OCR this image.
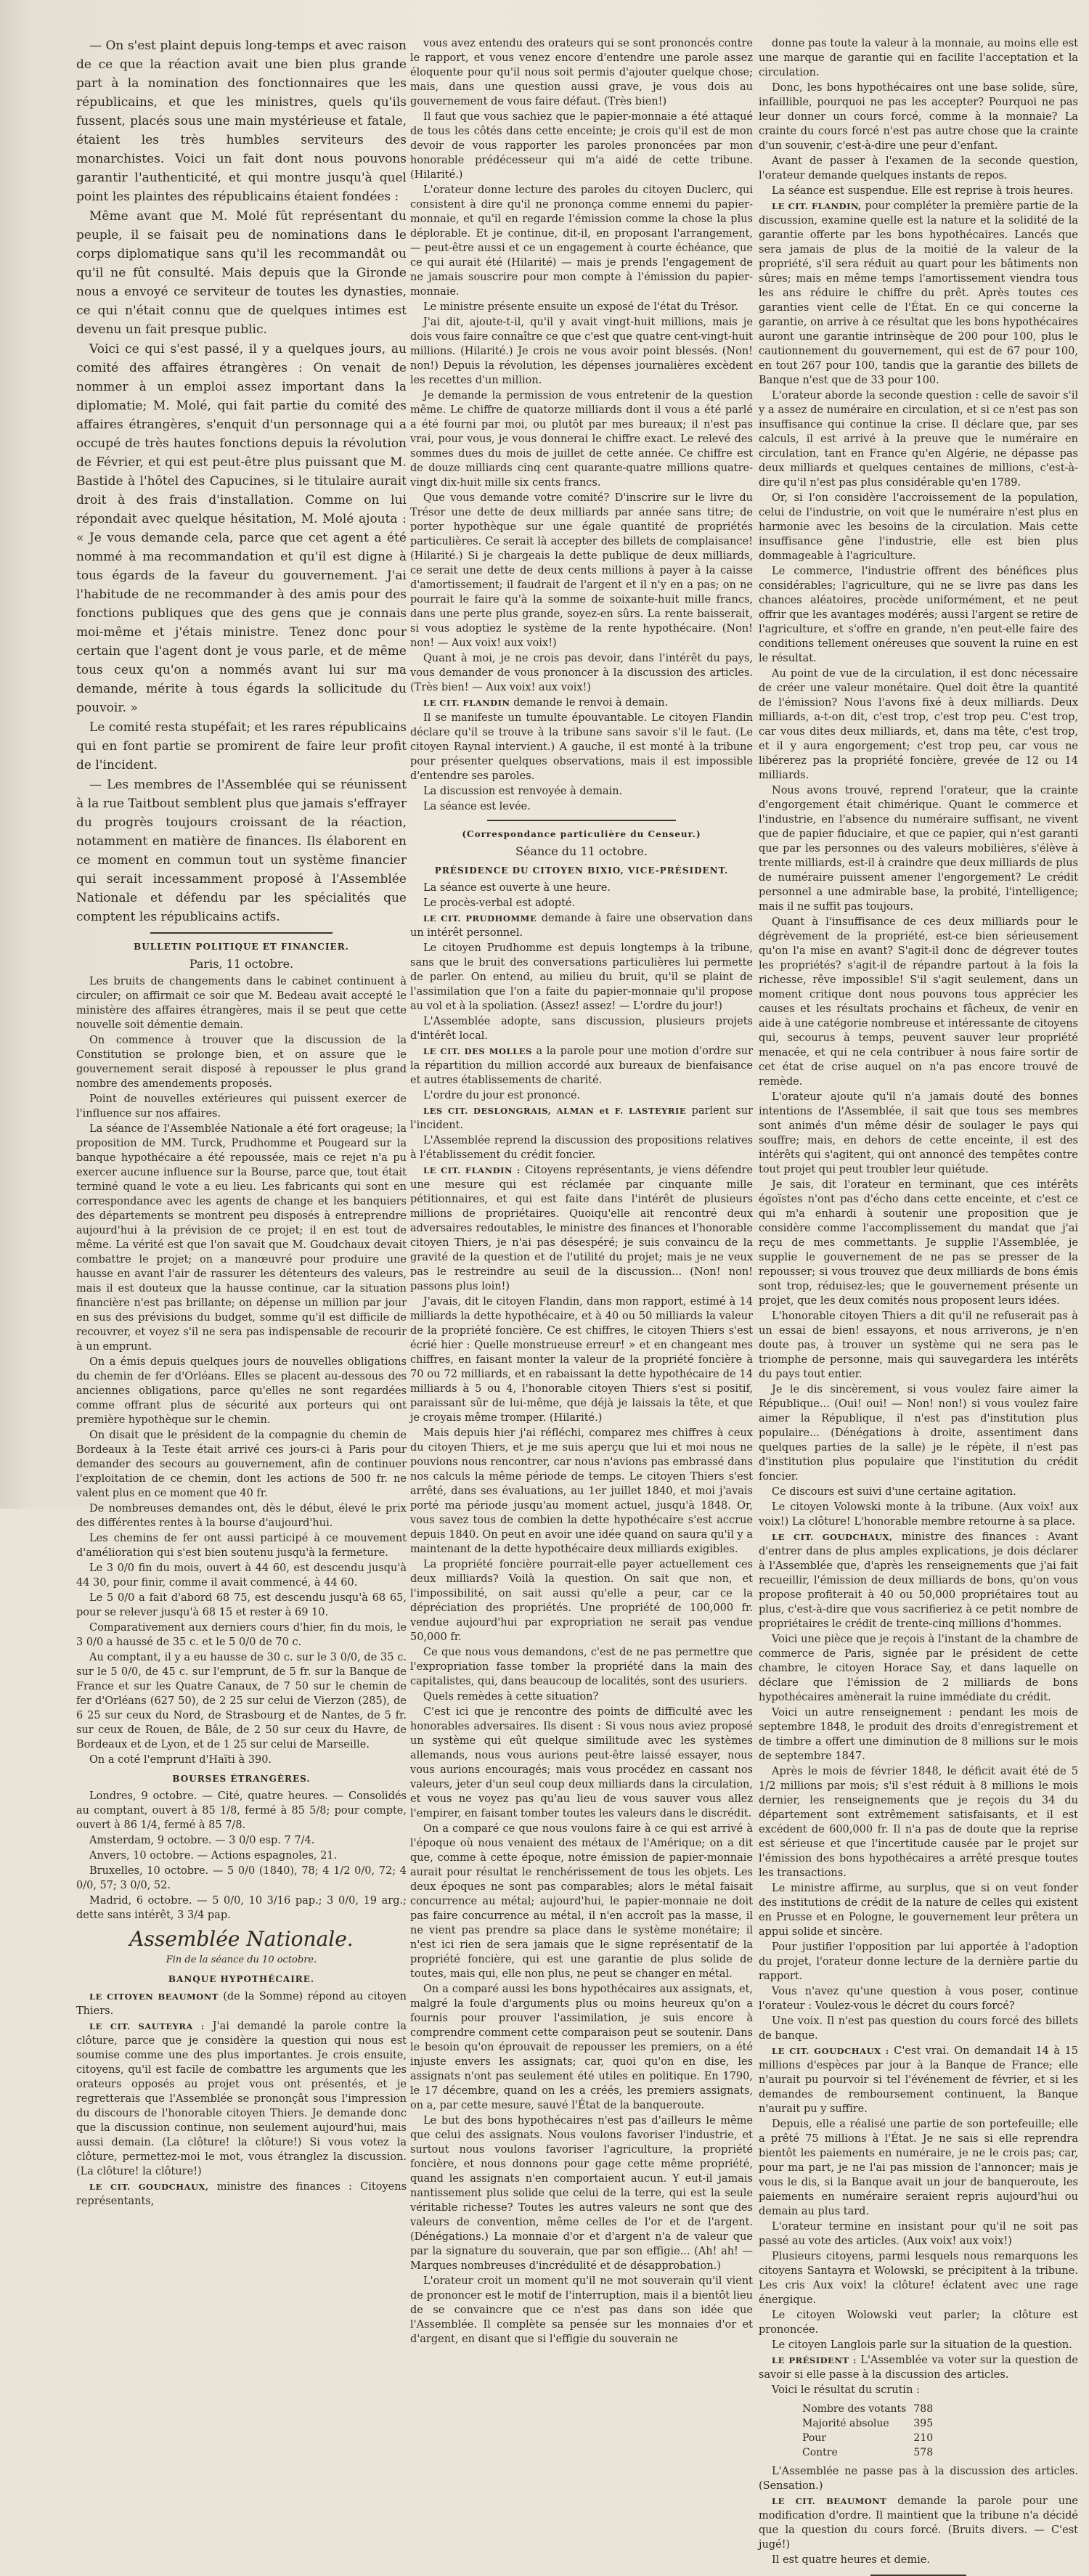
— On s'est plaint depuis long-temps et avec raison de ce que la réaction avait une bien plus grande part à la nomination des fonctionnaires que les républicains, et que les ministres, quels qu'ils fussent, placés sous une main mystérieuse et fatale, étaient les très humbles serviteurs des monarchistes. Voici un fait dont nous pouvons garantir l'authenticité, et qui montre jusqu'à quel point les plaintes des républicains étaient fondées :

Même avant que M. Molé fût représentant du peuple, il se faisait peu de nominations dans le corps diplomatique sans qu'il les recommandât ou qu'il ne fût consulté. Mais depuis que la Gironde nous a envoyé ce serviteur de toutes les dynasties, ce qui n'était connu que de quelques intimes est devenu un fait presque public.

Voici ce qui s'est passé, il y a quelques jours, au comité des affaires étrangères : On venait de nommer à un emploi assez important dans la diplomatie; M. Molé, qui fait partie du comité des affaires étrangères, s'enquit d'un personnage qui a occupé de très hautes fonctions depuis la révolution de Février, et qui est peut-être plus puissant que M. Bastide à l'hôtel des Capucines, si le titulaire aurait droit à des frais d'installation. Comme on lui répondait avec quelque hésitation, M. Molé ajouta : « Je vous demande cela, parce que cet agent a été nommé à ma recommandation et qu'il est digne à tous égards de la faveur du gouvernement. J'ai l'habitude de ne recommander à des amis pour des fonctions publiques que des gens que je connais moi-même et j'étais ministre. Tenez donc pour certain que l'agent dont je vous parle, et de même tous ceux qu'on a nommés avant lui sur ma demande, mérite à tous égards la sollicitude du pouvoir. »

Le comité resta stupéfait; et les rares républicains qui en font partie se promirent de faire leur profit de l'incident.

— Les membres de l'Assemblée qui se réunissent à la rue Taitbout semblent plus que jamais s'effrayer du progrès toujours croissant de la réaction, notamment en matière de finances. Ils élaborent en ce moment en commun tout un système financier qui serait incessamment proposé à l'Assemblée Nationale et défendu par les spécialités que comptent les républicains actifs.

BULLETIN POLITIQUE ET FINANCIER.
Paris, 11 octobre.

Les bruits de changements dans le cabinet continuent à circuler; on affirmait ce soir que M. Bedeau avait accepté le ministère des affaires étrangères, mais il se peut que cette nouvelle soit démentie demain.

On commence à trouver que la discussion de la Constitution se prolonge bien, et on assure que le gouvernement serait disposé à repousser le plus grand nombre des amendements proposés.

Point de nouvelles extérieures qui puissent exercer de l'influence sur nos affaires.

La séance de l'Assemblée Nationale a été fort orageuse; la proposition de MM. Turck, Prudhomme et Pougeard sur la banque hypothécaire a été repoussée, mais ce rejet n'a pu exercer aucune influence sur la Bourse, parce que, tout était terminé quand le vote a eu lieu. Les fabricants qui sont en correspondance avec les agents de change et les banquiers des départements se montrent peu disposés à entreprendre aujourd'hui à la prévision de ce projet; il en est tout de même. La vérité est que l'on savait que M. Goudchaux devait combattre le projet; on a manœuvré pour produire une hausse en avant l'air de rassurer les détenteurs des valeurs, mais il est douteux que la hausse continue, car la situation financière n'est pas brillante; on dépense un million par jour en sus des prévisions du budget, somme qu'il est difficile de recouvrer, et voyez s'il ne sera pas indispensable de recourir à un emprunt.

On a émis depuis quelques jours de nouvelles obligations du chemin de fer d'Orléans. Elles se placent au-dessous des anciennes obligations, parce qu'elles ne sont regardées comme offrant plus de sécurité aux porteurs qui ont première hypothèque sur le chemin.

On disait que le président de la compagnie du chemin de Bordeaux à la Teste était arrivé ces jours-ci à Paris pour demander des secours au gouvernement, afin de continuer l'exploitation de ce chemin, dont les actions de 500 fr. ne valent plus en ce moment que 40 fr.

De nombreuses demandes ont, dès le début, élevé le prix des différentes rentes à la bourse d'aujourd'hui.

Les chemins de fer ont aussi participé à ce mouvement d'amélioration qui s'est bien soutenu jusqu'à la fermeture.

Le 3 0/0 fin du mois, ouvert à 44 60, est descendu jusqu'à 44 30, pour finir, comme il avait commencé, à 44 60.

Le 5 0/0 a fait d'abord 68 75, est descendu jusqu'à 68 65, pour se relever jusqu'à 68 15 et rester à 69 10.

Comparativement aux derniers cours d'hier, fin du mois, le 3 0/0 a haussé de 35 c. et le 5 0/0 de 70 c.

Au comptant, il y a eu hausse de 30 c. sur le 3 0/0, de 35 c. sur le 5 0/0, de 45 c. sur l'emprunt, de 5 fr. sur la Banque de France et sur les Quatre Canaux, de 7 50 sur le chemin de fer d'Orléans (627 50), de 2 25 sur celui de Vierzon (285), de 6 25 sur ceux du Nord, de Strasbourg et de Nantes, de 5 fr. sur ceux de Rouen, de Bâle, de 2 50 sur ceux du Havre, de Bordeaux et de Lyon, et de 1 25 sur celui de Marseille.

On a coté l'emprunt d'Haïti à 390.

BOURSES ÉTRANGÈRES.

Londres, 9 octobre. — Cité, quatre heures. — Consolidés au comptant, ouvert à 85 1/8, fermé à 85 5/8; pour compte, ouvert à 86 1/4, fermé à 85 7/8.

Amsterdam, 9 octobre. — 3 0/0 esp. 7 7/4.

Anvers, 10 octobre. — Actions espagnoles, 21.

Bruxelles, 10 octobre. — 5 0/0 (1840), 78; 4 1/2 0/0, 72; 4 0/0, 57; 3 0/0, 52.

Madrid, 6 octobre. — 5 0/0, 10 3/16 pap.; 3 0/0, 19 arg.; dette sans intérêt, 3 3/4 pap.

Assemblée Nationale.
Fin de la séance du 10 octobre.
BANQUE HYPOTHÉCAIRE.

LE CITOYEN BEAUMONT (de la Somme) répond au citoyen Thiers.

LE CIT. SAUTEYRA : J'ai demandé la parole contre la clôture, parce que je considère la question qui nous est soumise comme une des plus importantes. Je crois ensuite, citoyens, qu'il est facile de combattre les arguments que les orateurs opposés au projet vous ont présentés, et je regretterais que l'Assemblée se prononçât sous l'impression du discours de l'honorable citoyen Thiers. Je demande donc que la discussion continue, non seulement aujourd'hui, mais aussi demain. (La clôture! la clôture!) Si vous votez la clôture, permettez-moi le mot, vous étranglez la discussion. (La clôture! la clôture!)

LE CIT. GOUDCHAUX, ministre des finances : Citoyens représentants,

vous avez entendu des orateurs qui se sont prononcés contre le rapport, et vous venez encore d'entendre une parole assez éloquente pour qu'il nous soit permis d'ajouter quelque chose; mais, dans une question aussi grave, je vous dois au gouvernement de vous faire défaut. (Très bien!)

Il faut que vous sachiez que le papier-monnaie a été attaqué de tous les côtés dans cette enceinte; je crois qu'il est de mon devoir de vous rapporter les paroles prononcées par mon honorable prédécesseur qui m'a aidé de cette tribune. (Hilarité.)

L'orateur donne lecture des paroles du citoyen Duclerc, qui consistent à dire qu'il ne prononça comme ennemi du papier-monnaie, et qu'il en regarde l'émission comme la chose la plus déplorable. Et je continue, dit-il, en proposant l'arrangement, — peut-être aussi et ce un engagement à courte échéance, que ce qui aurait été (Hilarité) — mais je prends l'engagement de ne jamais souscrire pour mon compte à l'émission du papier-monnaie.

Le ministre présente ensuite un exposé de l'état du Trésor.

J'ai dit, ajoute-t-il, qu'il y avait vingt-huit millions, mais je dois vous faire connaître ce que c'est que quatre cent-vingt-huit millions. (Hilarité.) Je crois ne vous avoir point blessés. (Non! non!) Depuis la révolution, les dépenses journalières excèdent les recettes d'un million.

Je demande la permission de vous entretenir de la question même. Le chiffre de quatorze milliards dont il vous a été parlé a été fourni par moi, ou plutôt par mes bureaux; il n'est pas vrai, pour vous, je vous donnerai le chiffre exact. Le relevé des sommes dues du mois de juillet de cette année. Ce chiffre est de douze milliards cinq cent quarante-quatre millions quatre-vingt dix-huit mille six cents francs.

Que vous demande votre comité? D'inscrire sur le livre du Trésor une dette de deux milliards par année sans titre; de porter hypothèque sur une égale quantité de propriétés particulières. Ce serait là accepter des billets de complaisance! (Hilarité.) Si je chargeais la dette publique de deux milliards, ce serait une dette de deux cents millions à payer à la caisse d'amortissement; il faudrait de l'argent et il n'y en a pas; on ne pourrait le faire qu'à la somme de soixante-huit mille francs, dans une perte plus grande, soyez-en sûrs. La rente baisserait, si vous adoptiez le système de la rente hypothécaire. (Non! non! — Aux voix! aux voix!)

Quant à moi, je ne crois pas devoir, dans l'intérêt du pays, vous demander de vous prononcer à la discussion des articles. (Très bien! — Aux voix! aux voix!)

LE CIT. FLANDIN demande le renvoi à demain.

Il se manifeste un tumulte épouvantable. Le citoyen Flandin déclare qu'il se trouve à la tribune sans savoir s'il le faut. (Le citoyen Raynal intervient.) A gauche, il est monté à la tribune pour présenter quelques observations, mais il est impossible d'entendre ses paroles.

La discussion est renvoyée à demain.

La séance est levée.

(Correspondance particulière du Censeur.)
Séance du 11 octobre.
PRÉSIDENCE DU CITOYEN BIXIO, VICE-PRÉSIDENT.

La séance est ouverte à une heure.

Le procès-verbal est adopté.

LE CIT. PRUDHOMME demande à faire une observation dans un intérêt personnel.

Le citoyen Prudhomme est depuis longtemps à la tribune, sans que le bruit des conversations particulières lui permette de parler. On entend, au milieu du bruit, qu'il se plaint de l'assimilation que l'on a faite du papier-monnaie qu'il propose au vol et à la spoliation. (Assez! assez! — L'ordre du jour!)

L'Assemblée adopte, sans discussion, plusieurs projets d'intérêt local.

LE CIT. DES MOLLES a la parole pour une motion d'ordre sur la répartition du million accordé aux bureaux de bienfaisance et autres établissements de charité.

L'ordre du jour est prononcé.

LES CIT. DESLONGRAIS, ALMAN et F. LASTEYRIE parlent sur l'incident.

L'Assemblée reprend la discussion des propositions relatives à l'établissement du crédit foncier.

LE CIT. FLANDIN : Citoyens représentants, je viens défendre une mesure qui est réclamée par cinquante mille pétitionnaires, et qui est faite dans l'intérêt de plusieurs millions de propriétaires. Quoiqu'elle ait rencontré deux adversaires redoutables, le ministre des finances et l'honorable citoyen Thiers, je n'ai pas désespéré; je suis convaincu de la gravité de la question et de l'utilité du projet; mais je ne veux pas le restreindre au seuil de la discussion... (Non! non! passons plus loin!)

J'avais, dit le citoyen Flandin, dans mon rapport, estimé à 14 milliards la dette hypothécaire, et à 40 ou 50 milliards la valeur de la propriété foncière. Ce est chiffres, le citoyen Thiers s'est écrié hier : Quelle monstrueuse erreur! » et en changeant mes chiffres, en faisant monter la valeur de la propriété foncière à 70 ou 72 milliards, et en rabaissant la dette hypothécaire de 14 milliards à 5 ou 4, l'honorable citoyen Thiers s'est si positif, paraissant sûr de lui-même, que déjà je laissais la tête, et que je croyais même tromper. (Hilarité.)

Mais depuis hier j'ai réfléchi, comparez mes chiffres à ceux du citoyen Thiers, et je me suis aperçu que lui et moi nous ne pouvions nous rencontrer, car nous n'avions pas embrassé dans nos calculs la même période de temps. Le citoyen Thiers s'est arrêté, dans ses évaluations, au 1er juillet 1840, et moi j'avais porté ma période jusqu'au moment actuel, jusqu'à 1848. Or, vous savez tous de combien la dette hypothécaire s'est accrue depuis 1840. On peut en avoir une idée quand on saura qu'il y a maintenant de la dette hypothécaire deux milliards exigibles.

La propriété foncière pourrait-elle payer actuellement ces deux milliards? Voilà la question. On sait que non, et l'impossibilité, on sait aussi qu'elle a peur, car ce la dépréciation des propriétés. Une propriété de 100,000 fr. vendue aujourd'hui par expropriation ne serait pas vendue 50,000 fr.

Ce que nous vous demandons, c'est de ne pas permettre que l'expropriation fasse tomber la propriété dans la main des capitalistes, qui, dans beaucoup de localités, sont des usuriers.

Quels remèdes à cette situation?

C'est ici que je rencontre des points de difficulté avec les honorables adversaires. Ils disent : Si vous nous aviez proposé un système qui eût quelque similitude avec les systèmes allemands, nous vous aurions peut-être laissé essayer, nous vous aurions encouragés; mais vous procédez en cassant nos valeurs, jeter d'un seul coup deux milliards dans la circulation, et vous ne voyez pas qu'au lieu de vous sauver vous allez l'empirer, en faisant tomber toutes les valeurs dans le discrédit.

On a comparé ce que nous voulons faire à ce qui est arrivé à l'époque où nous venaient des métaux de l'Amérique; on a dit que, comme à cette époque, notre émission de papier-monnaie aurait pour résultat le renchérissement de tous les objets. Les deux époques ne sont pas comparables; alors le métal faisait concurrence au métal; aujourd'hui, le papier-monnaie ne doit pas faire concurrence au métal, il n'en accroît pas la masse, il ne vient pas prendre sa place dans le système monétaire; il n'est ici rien de sera jamais que le signe représentatif de la propriété foncière, qui est une garantie de plus solide de toutes, mais qui, elle non plus, ne peut se changer en métal.

On a comparé aussi les bons hypothécaires aux assignats, et, malgré la foule d'arguments plus ou moins heureux qu'on a fournis pour prouver l'assimilation, je suis encore à comprendre comment cette comparaison peut se soutenir. Dans le besoin qu'on éprouvait de repousser les premiers, on a été injuste envers les assignats; car, quoi qu'on en dise, les assignats n'ont pas seulement été utiles en politique. En 1790, le 17 décembre, quand on les a créés, les premiers assignats, on a, par cette mesure, sauvé l'État de la banqueroute.

Le but des bons hypothécaires n'est pas d'ailleurs le même que celui des assignats. Nous voulons favoriser l'industrie, et surtout nous voulons favoriser l'agriculture, la propriété foncière, et nous donnons pour gage cette même propriété, quand les assignats n'en comportaient aucun. Y eut-il jamais nantissement plus solide que celui de la terre, qui est la seule véritable richesse? Toutes les autres valeurs ne sont que des valeurs de convention, même celles de l'or et de l'argent. (Dénégations.) La monnaie d'or et d'argent n'a de valeur que par la signature du souverain, que par son effigie... (Ah! ah! — Marques nombreuses d'incrédulité et de désapprobation.)

L'orateur croit un moment qu'il ne mot souverain qu'il vient de prononcer est le motif de l'interruption, mais il a bientôt lieu de se convaincre que ce n'est pas dans son idée que l'Assemblée. Il complète sa pensée sur les monnaies d'or et d'argent, en disant que si l'effigie du souverain ne

donne pas toute la valeur à la monnaie, au moins elle est une marque de garantie qui en facilite l'acceptation et la circulation.

Donc, les bons hypothécaires ont une base solide, sûre, infaillible, pourquoi ne pas les accepter? Pourquoi ne pas leur donner un cours forcé, comme à la monnaie? La crainte du cours forcé n'est pas autre chose que la crainte d'un souvenir, c'est-à-dire une peur d'enfant.

Avant de passer à l'examen de la seconde question, l'orateur demande quelques instants de repos.

La séance est suspendue. Elle est reprise à trois heures.

LE CIT. FLANDIN, pour compléter la première partie de la discussion, examine quelle est la nature et la solidité de la garantie offerte par les bons hypothécaires. Lancés que sera jamais de plus de la moitié de la valeur de la propriété, s'il sera réduit au quart pour les bâtiments non sûres; mais en même temps l'amortissement viendra tous les ans réduire le chiffre du prêt. Après toutes ces garanties vient celle de l'État. En ce qui concerne la garantie, on arrive à ce résultat que les bons hypothécaires auront une garantie intrinsèque de 200 pour 100, plus le cautionnement du gouvernement, qui est de 67 pour 100, en tout 267 pour 100, tandis que la garantie des billets de Banque n'est que de 33 pour 100.

L'orateur aborde la seconde question : celle de savoir s'il y a assez de numéraire en circulation, et si ce n'est pas son insuffisance qui continue la crise. Il déclare que, par ses calculs, il est arrivé à la preuve que le numéraire en circulation, tant en France qu'en Algérie, ne dépasse pas deux milliards et quelques centaines de millions, c'est-à-dire qu'il n'est pas plus considérable qu'en 1789.

Or, si l'on considère l'accroissement de la population, celui de l'industrie, on voit que le numéraire n'est plus en harmonie avec les besoins de la circulation. Mais cette insuffisance gêne l'industrie, elle est bien plus dommageable à l'agriculture.

Le commerce, l'industrie offrent des bénéfices plus considérables; l'agriculture, qui ne se livre pas dans les chances aléatoires, procède uniformément, et ne peut offrir que les avantages modérés; aussi l'argent se retire de l'agriculture, et s'offre en grande, n'en peut-elle faire des conditions tellement onéreuses que souvent la ruine en est le résultat.

Au point de vue de la circulation, il est donc nécessaire de créer une valeur monétaire. Quel doit être la quantité de l'émission? Nous l'avons fixé à deux milliards. Deux milliards, a-t-on dit, c'est trop, c'est trop peu. C'est trop, car vous dites deux milliards, et, dans ma tête, c'est trop, et il y aura engorgement; c'est trop peu, car vous ne libérerez pas la propriété foncière, grevée de 12 ou 14 milliards.

Nous avons trouvé, reprend l'orateur, que la crainte d'engorgement était chimérique. Quant le commerce et l'industrie, en l'absence du numéraire suffisant, ne vivent que de papier fiduciaire, et que ce papier, qui n'est garanti que par les personnes ou des valeurs mobilières, s'élève à trente milliards, est-il à craindre que deux milliards de plus de numéraire puissent amener l'engorgement? Le crédit personnel a une admirable base, la probité, l'intelligence; mais il ne suffit pas toujours.

Quant à l'insuffisance de ces deux milliards pour le dégrèvement de la propriété, est-ce bien sérieusement qu'on l'a mise en avant? S'agit-il donc de dégrever toutes les propriétés? s'agit-il de répandre partout à la fois la richesse, rêve impossible! S'il s'agit seulement, dans un moment critique dont nous pouvons tous apprécier les causes et les résultats prochains et fâcheux, de venir en aide à une catégorie nombreuse et intéressante de citoyens qui, secourus à temps, peuvent sauver leur propriété menacée, et qui ne cela contribuer à nous faire sortir de cet état de crise auquel on n'a pas encore trouvé de remède.

L'orateur ajoute qu'il n'a jamais douté des bonnes intentions de l'Assemblée, il sait que tous ses membres sont animés d'un même désir de soulager le pays qui souffre; mais, en dehors de cette enceinte, il est des intérêts qui s'agitent, qui ont annoncé des tempêtes contre tout projet qui peut troubler leur quiétude.

Je sais, dit l'orateur en terminant, que ces intérêts égoïstes n'ont pas d'écho dans cette enceinte, et c'est ce qui m'a enhardi à soutenir une proposition que je considère comme l'accomplissement du mandat que j'ai reçu de mes commettants. Je supplie l'Assemblée, je supplie le gouvernement de ne pas se presser de la repousser; si vous trouvez que deux milliards de bons émis sont trop, réduisez-les; que le gouvernement présente un projet, que les deux comités nous proposent leurs idées.

L'honorable citoyen Thiers a dit qu'il ne refuserait pas à un essai de bien! essayons, et nous arriverons, je n'en doute pas, à trouver un système qui ne sera pas le triomphe de personne, mais qui sauvegardera les intérêts du pays tout entier.

Je le dis sincèrement, si vous voulez faire aimer la République... (Oui! oui! — Non! non!) si vous voulez faire aimer la République, il n'est pas d'institution plus populaire... (Dénégations à droite, assentiment dans quelques parties de la salle) je le répète, il n'est pas d'institution plus populaire que l'institution du crédit foncier.

Ce discours est suivi d'une certaine agitation.

Le citoyen Volowski monte à la tribune. (Aux voix! aux voix!) La clôture! L'honorable membre retourne à sa place.

LE CIT. GOUDCHAUX, ministre des finances : Avant d'entrer dans de plus amples explications, je dois déclarer à l'Assemblée que, d'après les renseignements que j'ai fait recueillir, l'émission de deux milliards de bons, qu'on vous propose profiterait à 40 ou 50,000 propriétaires tout au plus, c'est-à-dire que vous sacrifieriez à ce petit nombre de propriétaires le crédit de trente-cinq millions d'hommes.

Voici une pièce que je reçois à l'instant de la chambre de commerce de Paris, signée par le président de cette chambre, le citoyen Horace Say, et dans laquelle on déclare que l'émission de 2 milliards de bons hypothécaires amènerait la ruine immédiate du crédit.

Voici un autre renseignement : pendant les mois de septembre 1848, le produit des droits d'enregistrement et de timbre a offert une diminution de 8 millions sur le mois de septembre 1847.

Après le mois de février 1848, le déficit avait été de 5 1/2 millions par mois; s'il s'est réduit à 8 millions le mois dernier, les renseignements que je reçois du 34 du département sont extrêmement satisfaisants, et il est excédent de 600,000 fr. Il n'a pas de doute que la reprise est sérieuse et que l'incertitude causée par le projet sur l'émission des bons hypothécaires a arrêté presque toutes les transactions.

Le ministre affirme, au surplus, que si on veut fonder des institutions de crédit de la nature de celles qui existent en Prusse et en Pologne, le gouvernement leur prêtera un appui solide et sincère.

Pour justifier l'opposition par lui apportée à l'adoption du projet, l'orateur donne lecture de la dernière partie du rapport.

Vous n'avez qu'une question à vous poser, continue l'orateur : Voulez-vous le décret du cours forcé?

Une voix. Il n'est pas question du cours forcé des billets de banque.

LE CIT. GOUDCHAUX : C'est vrai. On demandait 14 à 15 millions d'espèces par jour à la Banque de France; elle n'aurait pu pourvoir si tel l'événement de février, et si les demandes de remboursement continuent, la Banque n'aurait pu y suffire.

Depuis, elle a réalisé une partie de son portefeuille; elle a prêté 75 millions à l'État. Je ne sais si elle reprendra bientôt les paiements en numéraire, je ne le crois pas; car, pour ma part, je ne l'ai pas mission de l'annoncer; mais je vous le dis, si la Banque avait un jour de banqueroute, les paiements en numéraire seraient repris aujourd'hui ou demain au plus tard.

L'orateur termine en insistant pour qu'il ne soit pas passé au vote des articles. (Aux voix! aux voix!)

Plusieurs citoyens, parmi lesquels nous remarquons les citoyens Santayra et Wolowski, se précipitent à la tribune. Les cris Aux voix! la clôture! éclatent avec une rage énergique.

Le citoyen Wolowski veut parler; la clôture est prononcée.

Le citoyen Langlois parle sur la situation de la question.

LE PRÉSIDENT : L'Assemblée va voter sur la question de savoir si elle passe à la discussion des articles.

Voici le résultat du scrutin :

Nombre des votants	788
Majorité absolue	395
Pour	210
Contre	578

L'Assemblée ne passe pas à la discussion des articles. (Sensation.)

LE CIT. BEAUMONT demande la parole pour une modification d'ordre. Il maintient que la tribune n'a décidé que la question du cours forcé. (Bruits divers. — C'est jugé!)

Il est quatre heures et demie.
